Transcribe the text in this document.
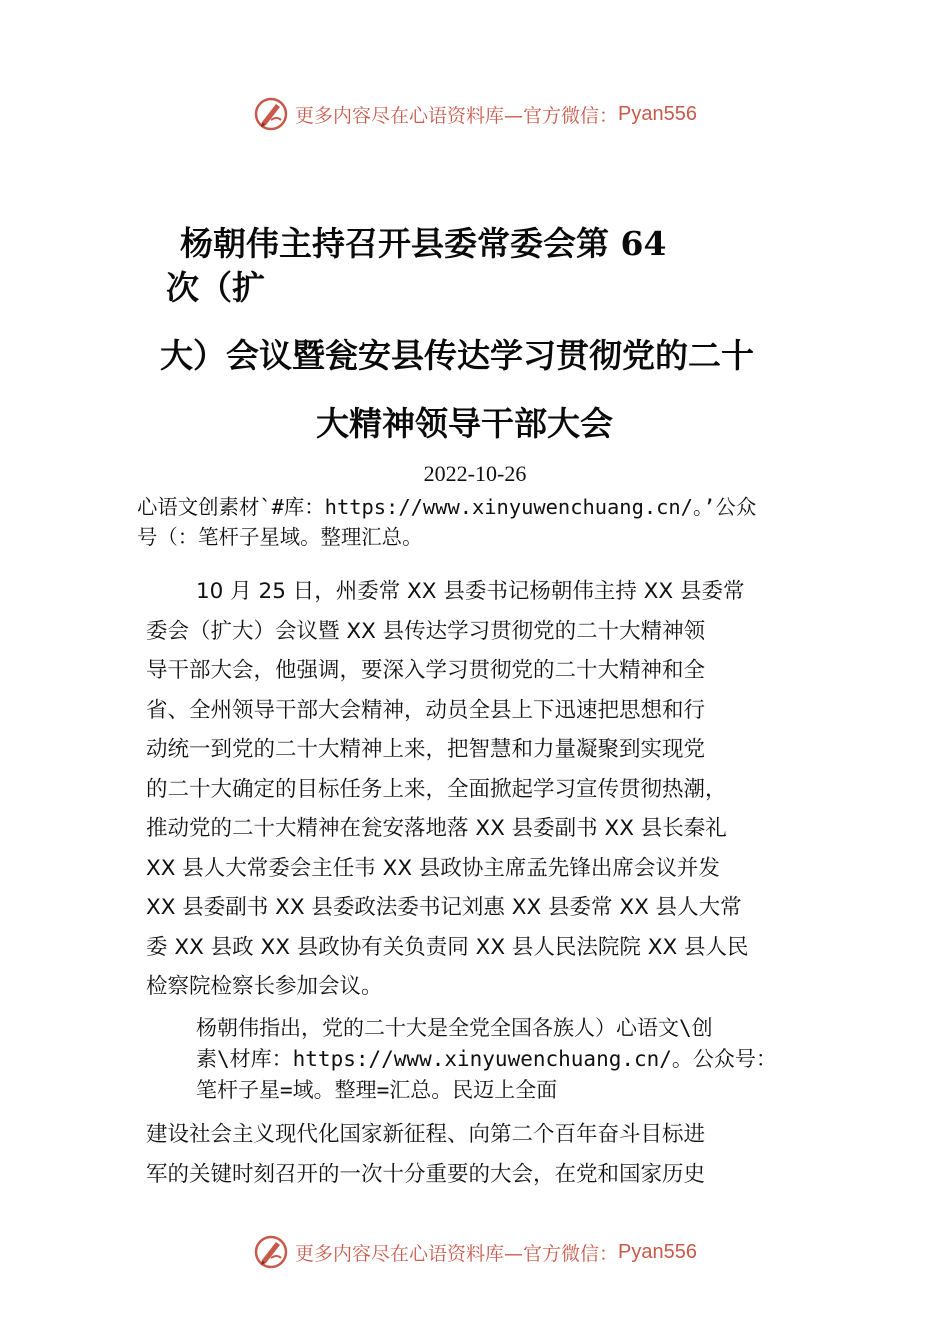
更多内容尽在心语资料库—官方微信： Pyan556
杨朝伟主持召开县委常委会第 64
次（扩
大）会议暨瓮安县传达学习贯彻党的二十
大精神领导干部大会
2022-10-26
心语文创素材`#库：https://www.xinyuwenchuang.cn/。’公众
号（：笔杆子星域。整理汇总。
10 月 25 日，州委常 XX 县委书记杨朝伟主持 XX 县委常
委会（扩大）会议暨 XX 县传达学习贯彻党的二十大精神领
导干部大会，他强调，要深入学习贯彻党的二十大精神和全
省、全州领导干部大会精神，动员全县上下迅速把思想和行
动统一到党的二十大精神上来，把智慧和力量凝聚到实现党
的二十大确定的目标任务上来，全面掀起学习宣传贯彻热潮，
推动党的二十大精神在瓮安落地落 XX 县委副书 XX 县长秦礼
XX 县人大常委会主任韦 XX 县政协主席孟先锋出席会议并发
XX 县委副书 XX 县委政法委书记刘惠 XX 县委常 XX 县人大常
委 XX 县政 XX 县政协有关负责同 XX 县人民法院院 XX 县人民
检察院检察长参加会议。
杨朝伟指出，党的二十大是全党全国各族人）心语文\创
素\材库：https://www.xinyuwenchuang.cn/。公众号：
笔杆子星=域。整理=汇总。民迈上全面
建设社会主义现代化国家新征程、向第二个百年奋斗目标进
军的关键时刻召开的一次十分重要的大会，在党和国家历史
更多内容尽在心语资料库—官方微信： Pyan556
